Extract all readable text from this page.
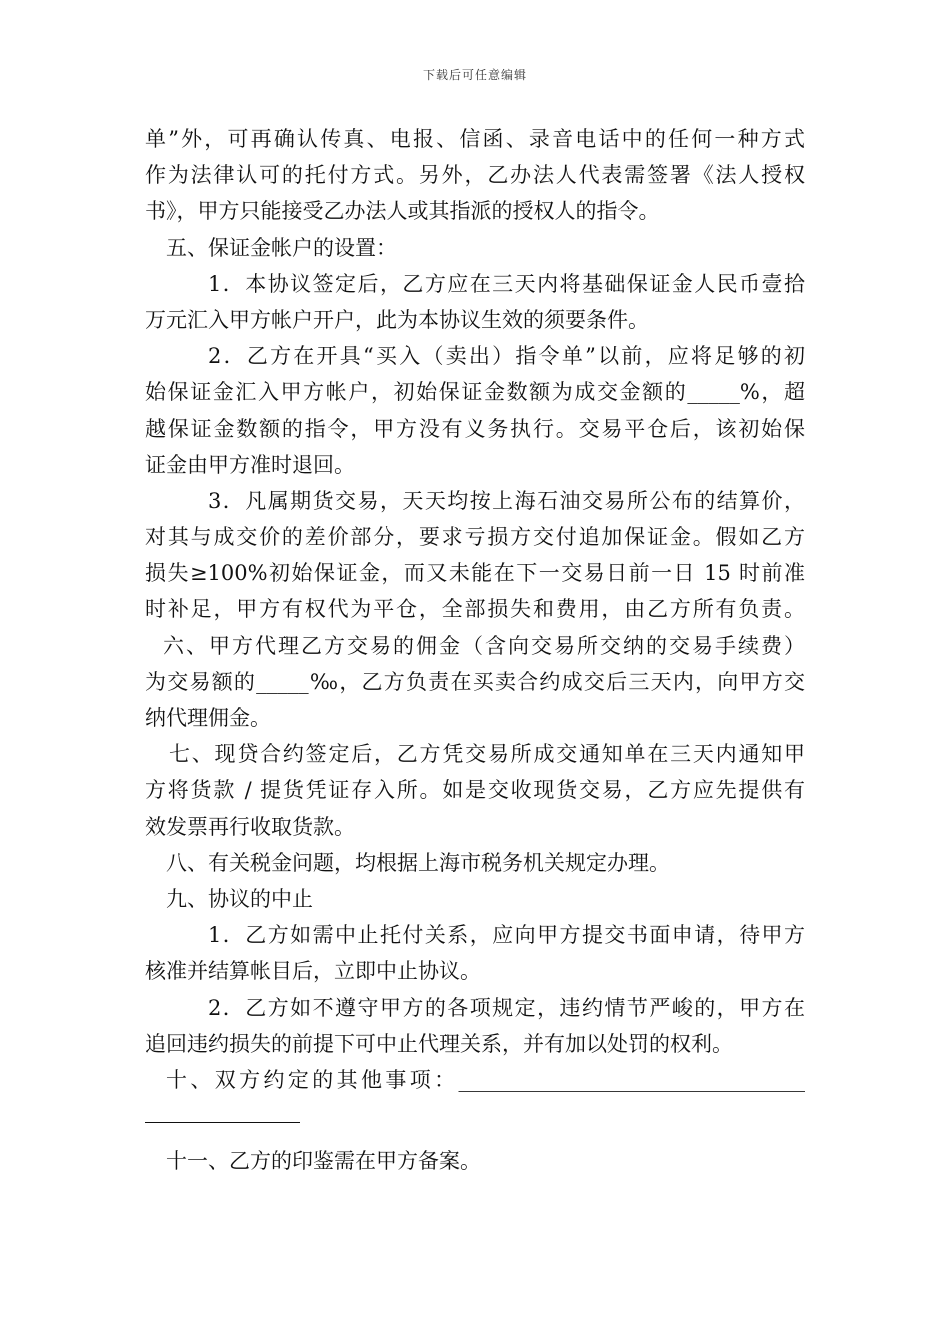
下载后可任意编辑
单”外，可再确认传真、电报、信函、录音电话中的任何一种方式
作为法律认可的托付方式。另外，乙办法人代表需签署《法人授权
书》，甲方只能接受乙办法人或其指派的授权人的指令。
五、保证金帐户的设置：
1．本协议签定后，乙方应在三天内将基础保证金人民币壹拾
万元汇入甲方帐户开户，此为本协议生效的须要条件。
2．乙方在开具“买入（卖出）指令单”以前，应将足够的初
始保证金汇入甲方帐户，初始保证金数额为成交金额的_____%，超
越保证金数额的指令，甲方没有义务执行。交易平仓后，该初始保
证金由甲方准时退回。
3．凡属期货交易，天天均按上海石油交易所公布的结算价，
对其与成交价的差价部分，要求亏损方交付追加保证金。假如乙方
损失≥100%初始保证金，而又未能在下一交易日前一日 15 时前准
时补足，甲方有权代为平仓，全部损失和费用，由乙方所有负责。
六、甲方代理乙方交易的佣金（含向交易所交纳的交易手续费）
为交易额的_____‰，乙方负责在买卖合约成交后三天内，向甲方交
纳代理佣金。
七、现贷合约签定后，乙方凭交易所成交通知单在三天内通知甲
方将货款 / 提货凭证存入所。如是交收现货交易，乙方应先提供有
效发票再行收取货款。
八、有关税金问题，均根据上海市税务机关规定办理。
九、协议的中止
1．乙方如需中止托付关系，应向甲方提交书面申请，待甲方
核准并结算帐目后，立即中止协议。
2．乙方如不遵守甲方的各项规定，违约情节严峻的，甲方在
追回违约损失的前提下可中止代理关系，并有加以处罚的权利。
十、双方约定的其他事项：_________________________________
十一、乙方的印鉴需在甲方备案。
